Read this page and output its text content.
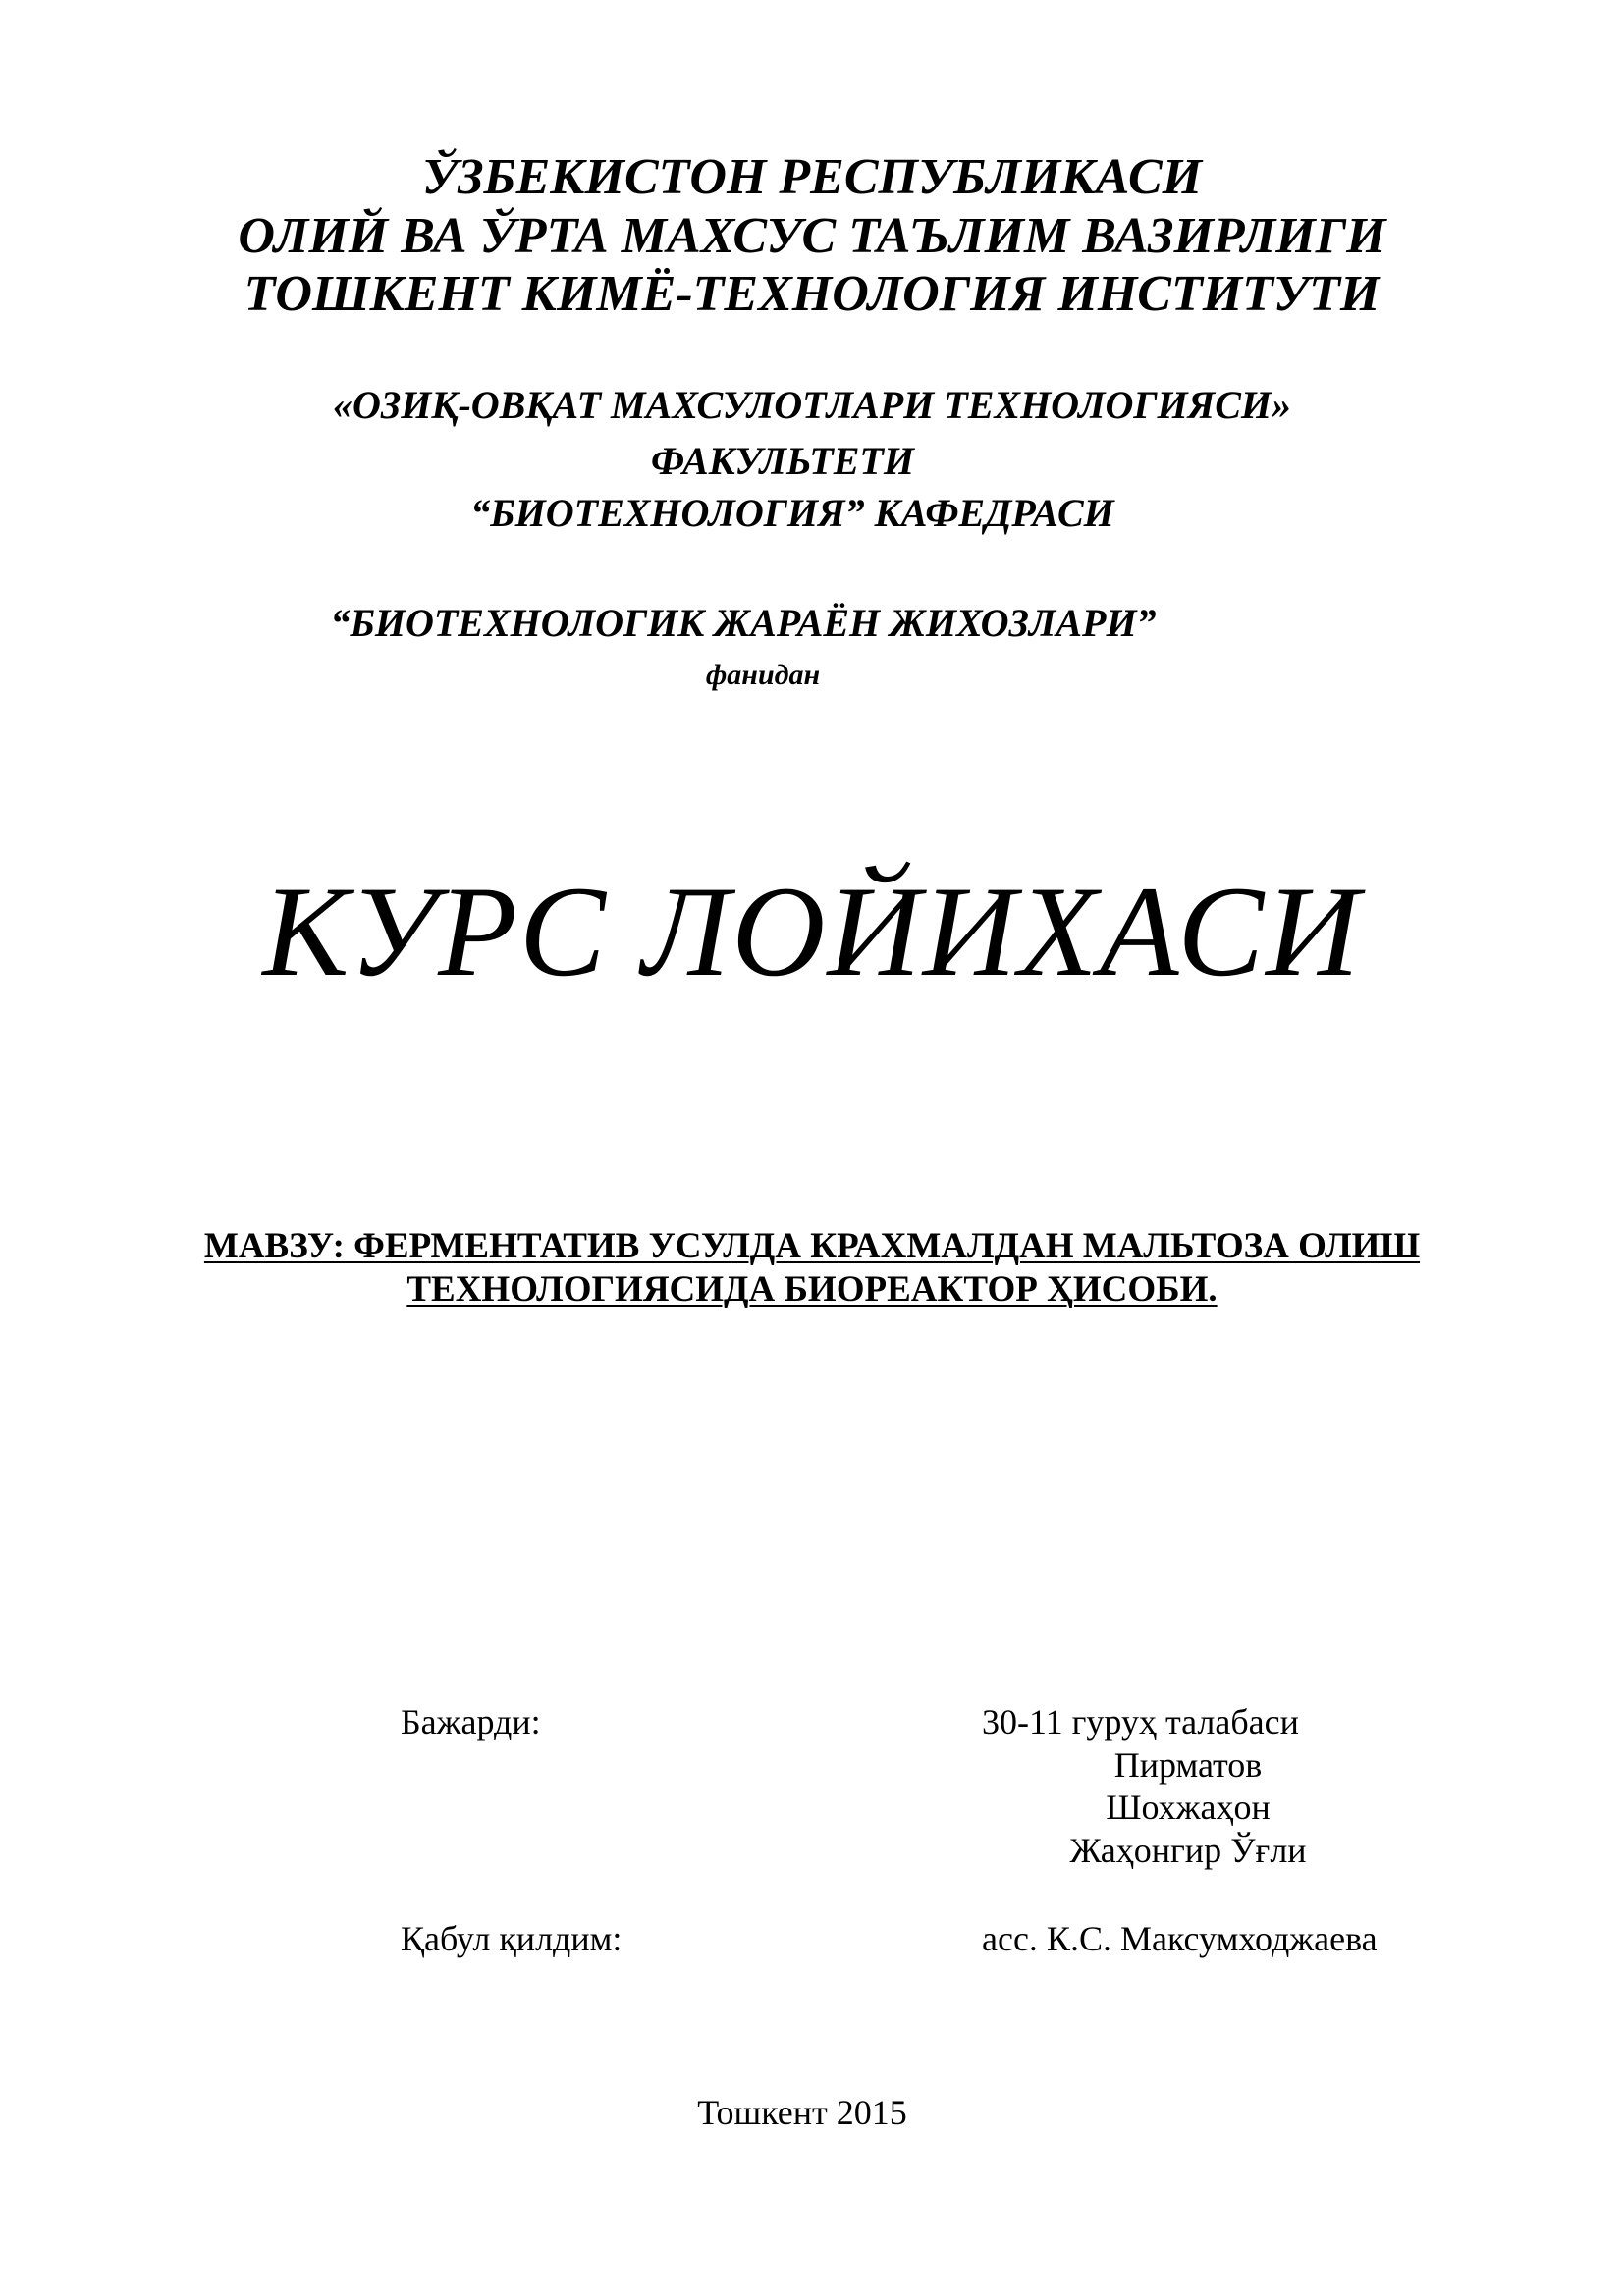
ЎЗБЕКИСТОН РЕСПУБЛИКАСИ
ОЛИЙ ВА ЎРТА МАХСУС ТАЪЛИМ ВАЗИРЛИГИ
ТОШКЕНТ КИМЁ-ТЕХНОЛОГИЯ ИНСТИТУТИ
«ОЗИҚ-ОВҚАТ МАХСУЛОТЛАРИ ТЕХНОЛОГИЯСИ»
ФАКУЛЬТЕТИ
“БИОТЕХНОЛОГИЯ” КАФЕДРАСИ
“БИОТЕХНОЛОГИК ЖАРАЁН ЖИХОЗЛАРИ”
фанидан
КУРС ЛОЙИХАСИ
МАВЗУ: ФЕРМЕНТАТИВ УСУЛДА КРАХМАЛДАН МАЛЬТОЗА ОЛИШ
ТЕХНОЛОГИЯСИДА БИОРЕАКТОР ҲИСОБИ.
Бажарди:	30-11 гуруҳ талабаси
Пирматов
Шохжаҳон
Жаҳонгир Ўғли
Қабул қилдим:	асс. К.С. Максумходжаева
Тошкент 2015
